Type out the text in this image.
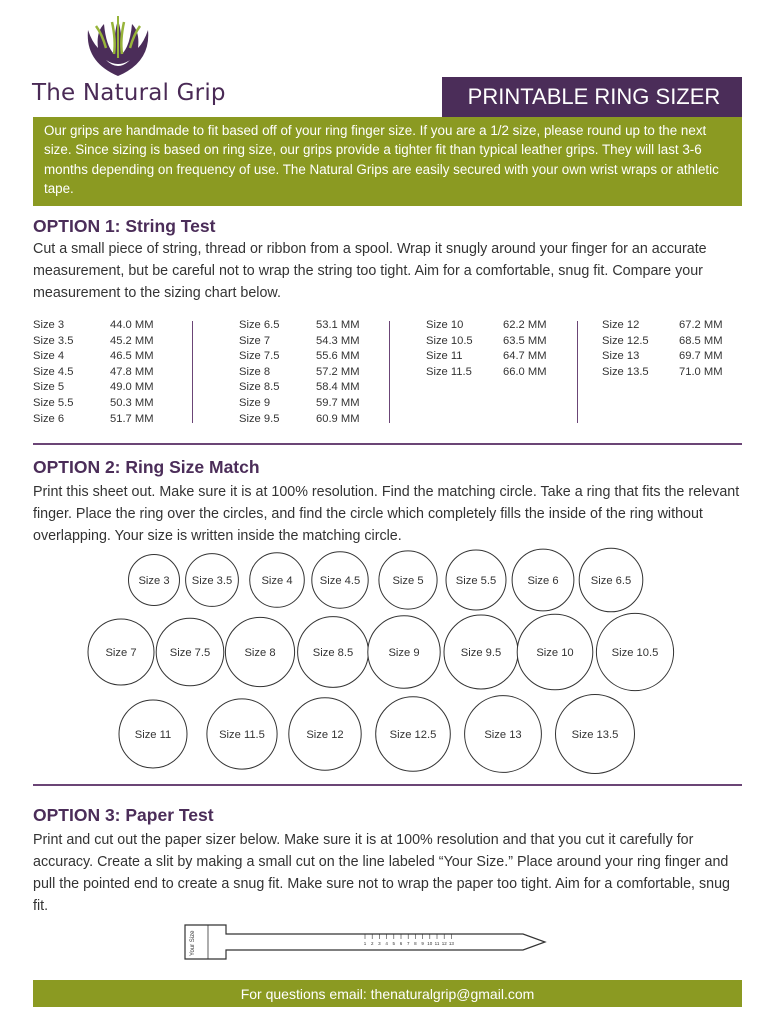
The Natural Grip	PRINTABLE RING SIZER
Our grips are handmade to fit based off of your ring finger size. If you are a 1/2 size, please round up to the next size. Since sizing is based on ring size, our grips provide a tighter fit than typical leather grips. They will last 3-6 months depending on frequency of use. The Natural Grips are easily secured with your own wrist wraps or athletic tape.
OPTION 1: String Test
Cut a small piece of string, thread or ribbon from a spool. Wrap it snugly around your finger for an accurate measurement, but be careful not to wrap the string too tight. Aim for a comfortable, snug fit. Compare your measurement to the sizing chart below.
Size 3	44.0 MM
Size 3.5	45.2 MM
Size 4	46.5 MM
Size 4.5	47.8 MM
Size 5	49.0 MM
Size 5.5	50.3 MM
Size 6	51.7 MM
Size 6.5	53.1 MM
Size 7	54.3 MM
Size 7.5	55.6 MM
Size 8	57.2 MM
Size 8.5	58.4 MM
Size 9	59.7 MM
Size 9.5	60.9 MM
Size 10	62.2 MM
Size 10.5	63.5 MM
Size 11	64.7 MM
Size 11.5	66.0 MM
Size 12	67.2 MM
Size 12.5	68.5 MM
Size 13	69.7 MM
Size 13.5	71.0 MM
OPTION 2: Ring Size Match
Print this sheet out. Make sure it is at 100% resolution. Find the matching circle. Take a ring that fits the relevant finger. Place the ring over the circles, and find the circle which completely fills the inside of the ring without overlapping. Your size is written inside the matching circle.
Size 3 Size 3.5	Size 4 Size 4.5	Size 5	Size 5.5	Size 6	Size 6.5
Size 7	Size 7.5	Size 8	Size 8.5	Size 9	Size 9.5	Size 10	Size 10.5
Size 11	Size 11.5	Size 12	Size 12.5	Size 13	Size 13.5
OPTION 3: Paper Test
Print and cut out the paper sizer below. Make sure it is at 100% resolution and that you cut it carefully for accuracy. Create a slit by making a small cut on the line labeled “Your Size.” Place around your ring finger and pull the pointed end to create a snug fit. Make sure not to wrap the paper too tight. Aim for a comfortable, snug fit.
Your Size	1 2 3 4 5 6 7 8 9 10 11 12 13
For questions email: thenaturalgrip@gmail.com
